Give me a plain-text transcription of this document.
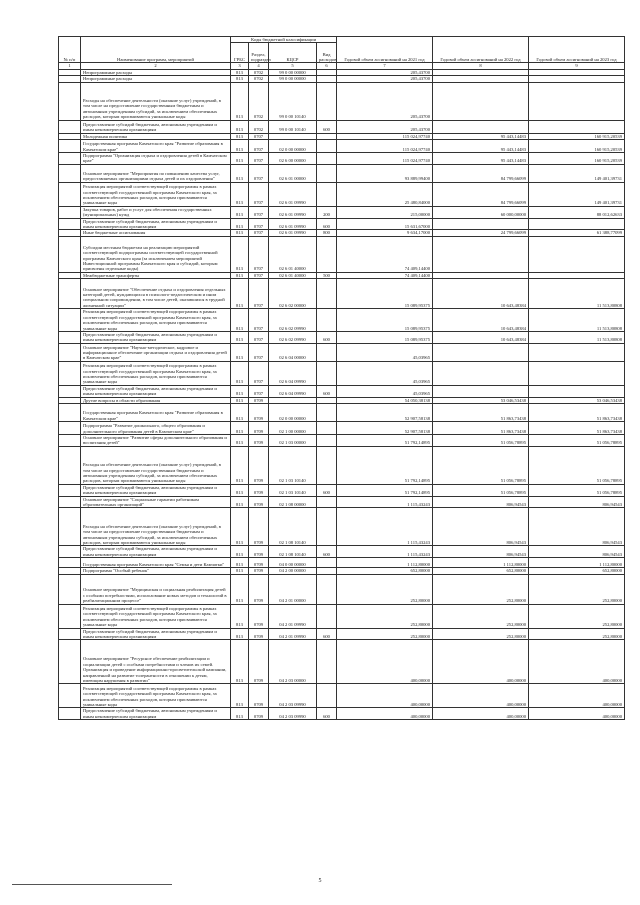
№ п/п	Наименование программ, мероприятий	Коды бюджетной классификации				Годовой объем ассигнований на 2021 год	Годовой объем ассигнований на 2022 год	Годовой объем ассигнований на 2023 год
		ГРБС	Раздел, подраздел	КЦСР	Вид расходов			
1	2	3	4	5	6	7	8	9
	Непрограммные расходы	813	0702	99 0 00 00000		205,43700		
	Непрограммные расходы	813	0702	99 0 00 00000		205,43700		
	Расходы на обеспечение деятельности (оказание услуг) учреждений, в том числе на предоставление государственным бюджетным и автономным учреждениям субсидий, за исключением обеспеченных расходов, которым присваиваются уникальные коды	813	0702	99 0 00 10140		205,43700		
	Предоставление субсидий бюджетным, автономным учреждениям и иным некоммерческим организациям	813	0702	99 0 00 10140	600	205,43700		
	Молодежная политика	813	0707			115 024,97740	95 443,14483	160 915,20539
	Государственная программа Камчатского края "Развитие образования в Камчатском крае"	813	0707	02 0 00 00000		115 024,97740	95 443,14483	160 915,20539
	Подпрограмма "Организация отдыха и оздоровления детей в Камчатском крае"	813	0707	02 6 00 00000		115 024,97740	95 443,14483	160 915,20539
	Основное мероприятие "Мероприятия по повышению качества услуг, предоставляемых организациями отдыха детей и их оздоровления"	813	0707	02 6 01 00000		93 889,99400	84 799,66099	149 401,39731
	Реализация мероприятий соответствующей подпрограммы в рамках соответствующей государственной программы Камчатского края, за исключением обеспеченных расходов, которым присваиваются уникальные коды	813	0707	02 6 01 09990		25 480,84000	84 799,66099	149 401,39731
	Закупка товаров, работ и услуг для обеспечения государственных (муниципальных) нужд	813	0707	02 6 01 09990	200	215,00000	60 000,00000	88 012,62633
	Предоставление субсидий бюджетным, автономным учреждениям и иным некоммерческим организациям	813	0707	02 6 01 09990	600	15 631,67000		
	Иные бюджетные ассигнования	813	0707	02 6 01 09990	800	9 634,17000	24 799,66099	61 388,77099
	Субсидии местным бюджетам на реализацию мероприятий соответствующей подпрограммы соответствующей государственной программы Камчатского края (за исключением мероприятий Инвестиционной программы Камчатского края и субсидий, которым присвоены отдельные коды)	813	0707	02 6 01 40000		74 409,14400		
	Межбюджетные трансферты	813	0707	02 6 01 40000	500	74 409,14400		
	Основное мероприятие "Обеспечение отдыха и оздоровления отдельных категорий детей, нуждающихся в психолого-педагогическом и ином специальном сопровождении, в том числе детей, оказавшихся в трудной жизненной ситуации"	813	0707	02 6 02 00000		15 089,95375	10 643,48384	11 513,80808
	Реализация мероприятий соответствующей подпрограммы в рамках соответствующей государственной программы Камчатского края, за исключением обеспеченных расходов, которым присваиваются уникальные коды	813	0707	02 6 02 09990		15 089,95375	10 643,48384	11 513,80808
	Предоставление субсидий бюджетным, автономным учреждениям и иным некоммерческим организациям	813	0707	02 6 02 09990	600	15 089,95375	10 643,48384	11 513,80808
	Основное мероприятие "Научно-методическое, кадровое и информационное обеспечение организации отдыха и оздоровления детей в Камчатском крае"	813	0707	02 6 04 00000		45,03965		
	Реализация мероприятий соответствующей подпрограммы в рамках соответствующей государственной программы Камчатского края, за исключением обеспеченных расходов, которым присваиваются уникальные коды	813	0707	02 6 04 09990		45,03965		
	Предоставление субсидий бюджетным, автономным учреждениям и иным некоммерческим организациям	813	0707	02 6 04 09990	600	45,03965		
	Другие вопросы в области образования	813	0709			54 050,38138	53 046,53438	53 046,53438
	Государственная программа Камчатского края "Развитие образования в Камчатском крае"	813	0709	02 0 00 00000		52 907,58138	51 863,73438	51 863,73438
	Подпрограмма "Развитие дошкольного, общего образования и дополнительного образования детей в Камчатском крае"	813	0709	02 1 00 00000		52 907,58138	51 863,73438	51 863,73438
	Основное мероприятие "Развитие сферы дополнительного образования и воспитания детей"	813	0709	02 1 03 00000		51 792,14895	51 056,78895	51 056,78895
	Расходы на обеспечение деятельности (оказание услуг) учреждений, в том числе на предоставление государственным бюджетным и автономным учреждениям субсидий, за исключением обеспеченных расходов, которым присваиваются уникальные коды	813	0709	02 1 03 10140		51 792,14895	51 056,78895	51 056,78895
	Предоставление субсидий бюджетным, автономным учреждениям и иным некоммерческим организациям	813	0709	02 1 03 10140	600	51 792,14895	51 056,78895	51 056,78895
	Основное мероприятие "Социальные гарантии работникам образовательных организаций"	813	0709	02 1 08 00000		1 115,43243	806,94543	806,94543
	Расходы на обеспечение деятельности (оказание услуг) учреждений, в том числе на предоставление государственным бюджетным и автономным учреждениям субсидий, за исключением обеспеченных расходов, которым присваиваются уникальные коды	813	0709	02 1 08 10140		1 115,43243	806,94543	806,94543
	Предоставление субсидий бюджетным, автономным учреждениям и иным некоммерческим организациям	813	0709	02 1 08 10140	600	1 115,43243	806,94543	806,94543
	Государственная программа Камчатского края "Семья и дети Камчатки"	813	0709	04 0 00 00000		1 112,80000	1 112,80000	1 112,80000
	Подпрограмма "Особый ребенок"	813	0709	04 2 00 00000		652,80000	652,80000	652,80000
	Основное мероприятие "Медицинская и социальная реабилитация детей с особыми потребностями, использование новых методов и технологий в реабилитационном процессе"	813	0709	04 2 01 00000		252,80000	252,80000	252,80000
	Реализация мероприятий соответствующей подпрограммы в рамках соответствующей государственной программы Камчатского края, за исключением обеспеченных расходов, которым присваиваются уникальные коды	813	0709	04 2 01 09990		252,80000	252,80000	252,80000
	Предоставление субсидий бюджетным, автономным учреждениям и иным некоммерческим организациям	813	0709	04 2 01 09990	600	252,80000	252,80000	252,80000
	Основное мероприятие "Ресурсное обеспечение реабилитации и социализации детей с особыми потребностями и членов их семей. Организация и проведение информационно-просветительской кампании, направленной на развитие толерантности в отношении к детям, имеющим нарушения в развитии"	813	0709	04 2 03 00000		400,00000	400,00000	400,00000
	Реализация мероприятий соответствующей подпрограммы в рамках соответствующей государственной программы Камчатского края, за исключением обеспеченных расходов, которым присваиваются уникальные коды	813	0709	04 2 03 09990		400,00000	400,00000	400,00000
	Предоставление субсидий бюджетным, автономным учреждениям и иным некоммерческим организациям	813	0709	04 2 03 09990	600	400,00000	400,00000	400,00000
5
